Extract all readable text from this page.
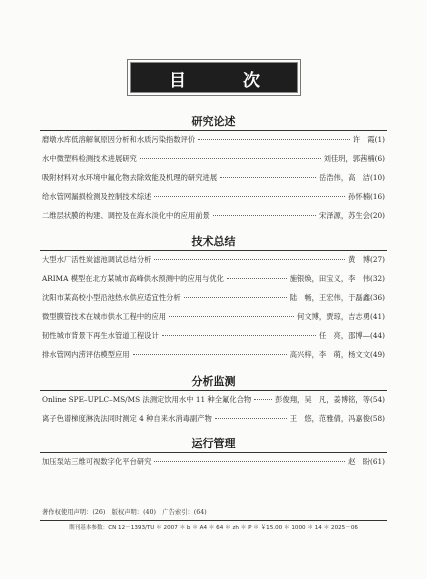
目	次
研究论述
磨墩水库低溶解氧原因分析和水质污染指数评价	许　霞(1)
水中微塑料检测技术进展研究	刘佳玥，郭茜楠(6)
吸附材料对水环境中氟化物去除效能及机理的研究进展	岳浩伟，高　洁(10)
给水管网漏损检测及控制技术综述	孙怀楠(16)
二维层状膜的构建、调控及在海水淡化中的应用前景	宋泽源，苏生会(20)
技术总结
大型水厂活性炭滤池调试总结分析	黄　博(27)
ARIMA 模型在北方某城市高峰供水预测中的应用与优化	施银焕，田宝义，李　伟(32)
沈阳市某高校小型沿池热水供应适宜性分析	陆　畅，王宏伟，于磊鑫(36)
微型膜管技术在城市供水工程中的应用	何文博，贾琼，吉志勇(41)
韧性城市背景下再生水管道工程设计	任　亮，邵博—(44)
排水管网内涝评估模型应用	高兴梓，李　萌，杨文文(49)
分析监测
Online SPE–UPLC–MS/MS 法测定饮用水中 11 种全氟化合物	彭俊翔，吴　凡，姜博铭，等(54)
离子色谱梯度淋洗法同时测定 4 种自来水消毒副产物	王　悠，范雅倩，冯嘉俊(58)
运行管理
加压泵站三维可视数字化平台研究	赵　盼(61)
著作权使用声明：(26)　版权声明：(40)　广告索引：(64)
期刊基本参数：CN 12－1393/TU ＊ 2007 ＊ b ＊ A4 ＊ 64 ＊ zh ＊ P ＊ ￥15.00 ＊ 1000 ＊ 14 ＊ 2025－06
